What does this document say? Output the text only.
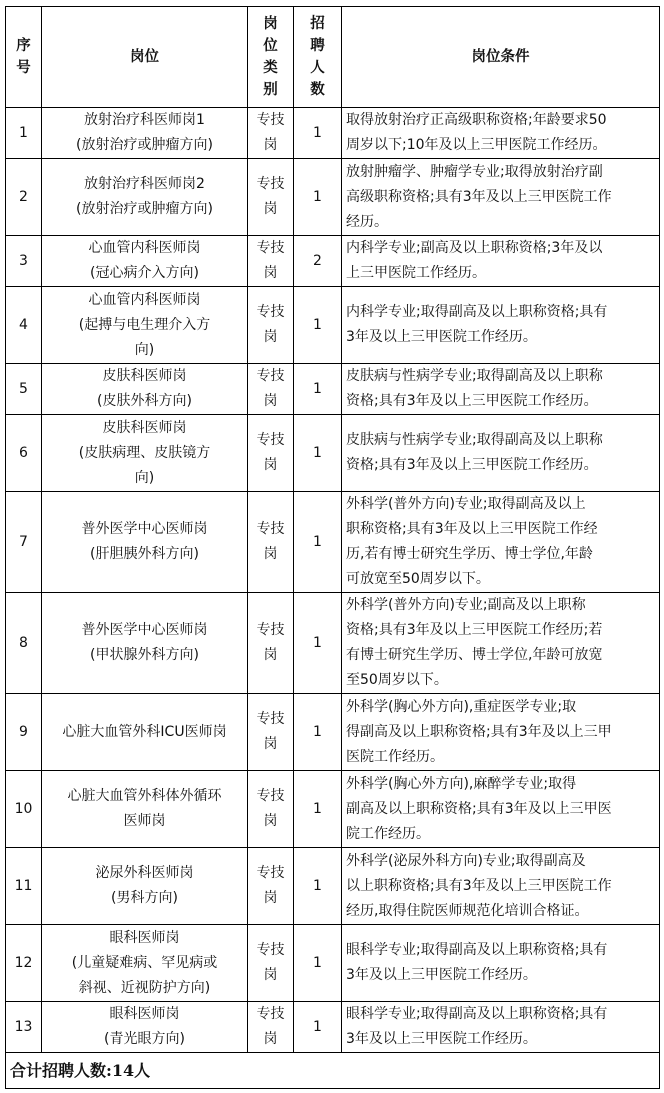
序
号	岗位	岗
位
类
别	招
聘
人
数	岗位条件
1	放射治疗科医师岗1
(放射治疗或肿瘤方向)	专技
岗	1	取得放射治疗正高级职称资格;年龄要求50
周岁以下;10年及以上三甲医院工作经历。

2	放射治疗科医师岗2
(放射治疗或肿瘤方向)	专技
岗	1	放射肿瘤学、肿瘤学专业;取得放射治疗副
高级职称资格;具有3年及以上三甲医院工作
经历。

3	心血管内科医师岗
(冠心病介入方向)	专技
岗	2	内科学专业;副高及以上职称资格;3年及以
上三甲医院工作经历。

4	心血管内科医师岗
(起搏与电生理介入方
向)	专技
岗	1	内科学专业;取得副高及以上职称资格;具有
3年及以上三甲医院工作经历。

5	皮肤科医师岗
(皮肤外科方向)	专技
岗	1	皮肤病与性病学专业;取得副高及以上职称
资格;具有3年及以上三甲医院工作经历。

6	皮肤科医师岗
(皮肤病理、皮肤镜方
向)	专技
岗	1	皮肤病与性病学专业;取得副高及以上职称
资格;具有3年及以上三甲医院工作经历。

7	普外医学中心医师岗
(肝胆胰外科方向)	专技
岗	1	外科学(普外方向)专业;取得副高及以上
职称资格;具有3年及以上三甲医院工作经
历,若有博士研究生学历、博士学位,年龄
可放宽至50周岁以下。

8	普外医学中心医师岗
(甲状腺外科方向)	专技
岗	1	外科学(普外方向)专业;副高及以上职称
资格;具有3年及以上三甲医院工作经历;若
有博士研究生学历、博士学位,年龄可放宽
至50周岁以下。

9	心脏大血管外科ICU医师岗	专技
岗	1	外科学(胸心外方向),重症医学专业;取
得副高及以上职称资格;具有3年及以上三甲
医院工作经历。

10	心脏大血管外科体外循环
医师岗	专技
岗	1	外科学(胸心外方向),麻醉学专业;取得
副高及以上职称资格;具有3年及以上三甲医
院工作经历。

11	泌尿外科医师岗
(男科方向)	专技
岗	1	外科学(泌尿外科方向)专业;取得副高及
以上职称资格;具有3年及以上三甲医院工作
经历,取得住院医师规范化培训合格证。

12	眼科医师岗
(儿童疑难病、罕见病或
斜视、近视防护方向)	专技
岗	1	眼科学专业;取得副高及以上职称资格;具有
3年及以上三甲医院工作经历。

13	眼科医师岗
(青光眼方向)	专技
岗	1	眼科学专业;取得副高及以上职称资格;具有
3年及以上三甲医院工作经历。

合计招聘人数:14人				
